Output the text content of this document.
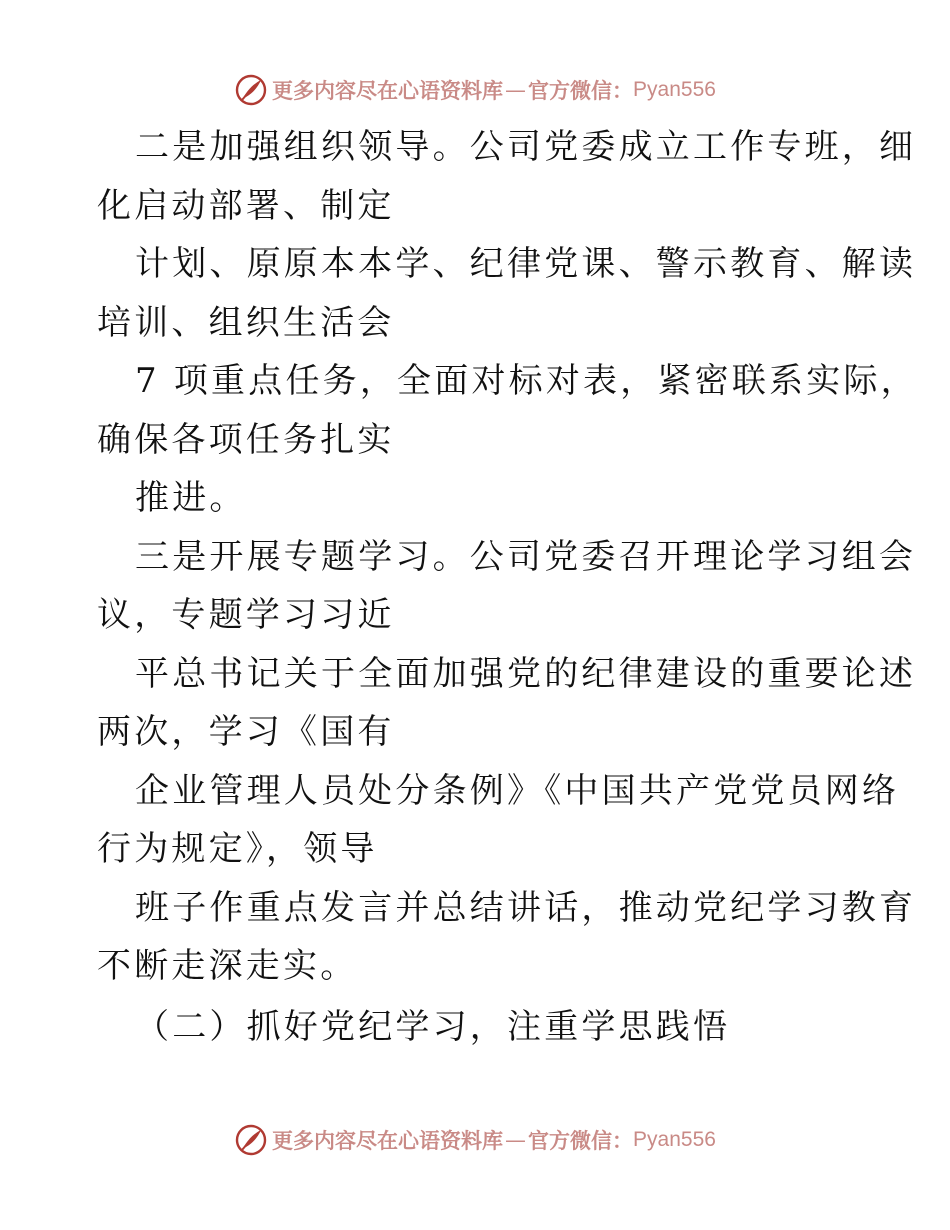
更多内容尽在心语资料库 — 官方微信： Pyan556
二是加强组织领导。公司党委成立工作专班，细
化启动部署、制定
计划、原原本本学、纪律党课、警示教育、解读
培训、组织生活会
7 项重点任务，全面对标对表，紧密联系实际，
确保各项任务扎实
推进。
三是开展专题学习。公司党委召开理论学习组会
议，专题学习习近
平总书记关于全面加强党的纪律建设的重要论述
两次，学习《国有
企业管理人员处分条例》《中国共产党党员网络
行为规定》，领导
班子作重点发言并总结讲话，推动党纪学习教育
不断走深走实。
（二）抓好党纪学习，注重学思践悟
更多内容尽在心语资料库 — 官方微信： Pyan556
